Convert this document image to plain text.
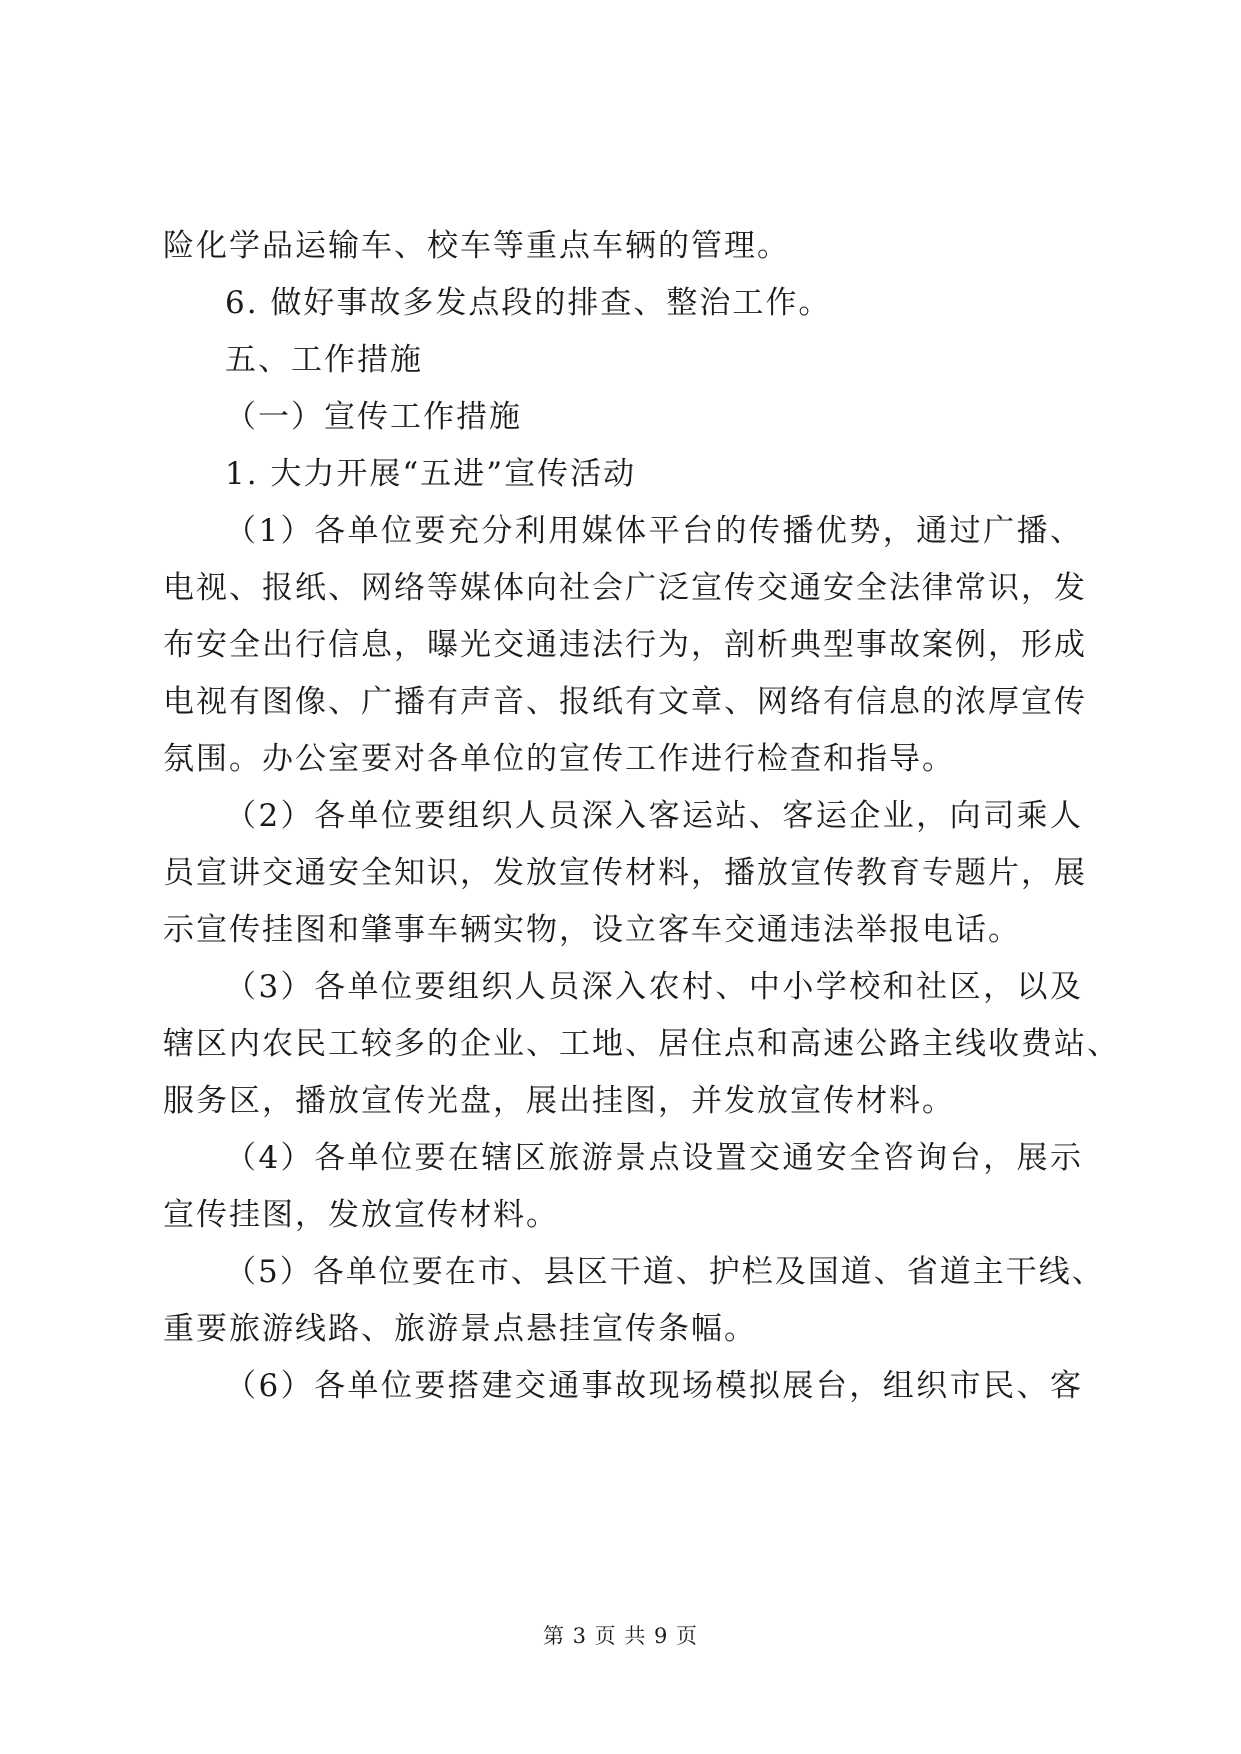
险化学品运输车、校车等重点车辆的管理。
6. 做好事故多发点段的排查、整治工作。
五、工作措施
（一）宣传工作措施
1. 大力开展“五进”宣传活动
（1）各单位要充分利用媒体平台的传播优势，通过广播、
电视、报纸、网络等媒体向社会广泛宣传交通安全法律常识，发
布安全出行信息，曝光交通违法行为，剖析典型事故案例，形成
电视有图像、广播有声音、报纸有文章、网络有信息的浓厚宣传
氛围。办公室要对各单位的宣传工作进行检查和指导。
（2）各单位要组织人员深入客运站、客运企业，向司乘人
员宣讲交通安全知识，发放宣传材料，播放宣传教育专题片，展
示宣传挂图和肇事车辆实物，设立客车交通违法举报电话。
（3）各单位要组织人员深入农村、中小学校和社区，以及
辖区内农民工较多的企业、工地、居住点和高速公路主线收费站、
服务区，播放宣传光盘，展出挂图，并发放宣传材料。
（4）各单位要在辖区旅游景点设置交通安全咨询台，展示
宣传挂图，发放宣传材料。
（5）各单位要在市、县区干道、护栏及国道、省道主干线、
重要旅游线路、旅游景点悬挂宣传条幅。
（6）各单位要搭建交通事故现场模拟展台，组织市民、客
第 3 页 共 9 页
